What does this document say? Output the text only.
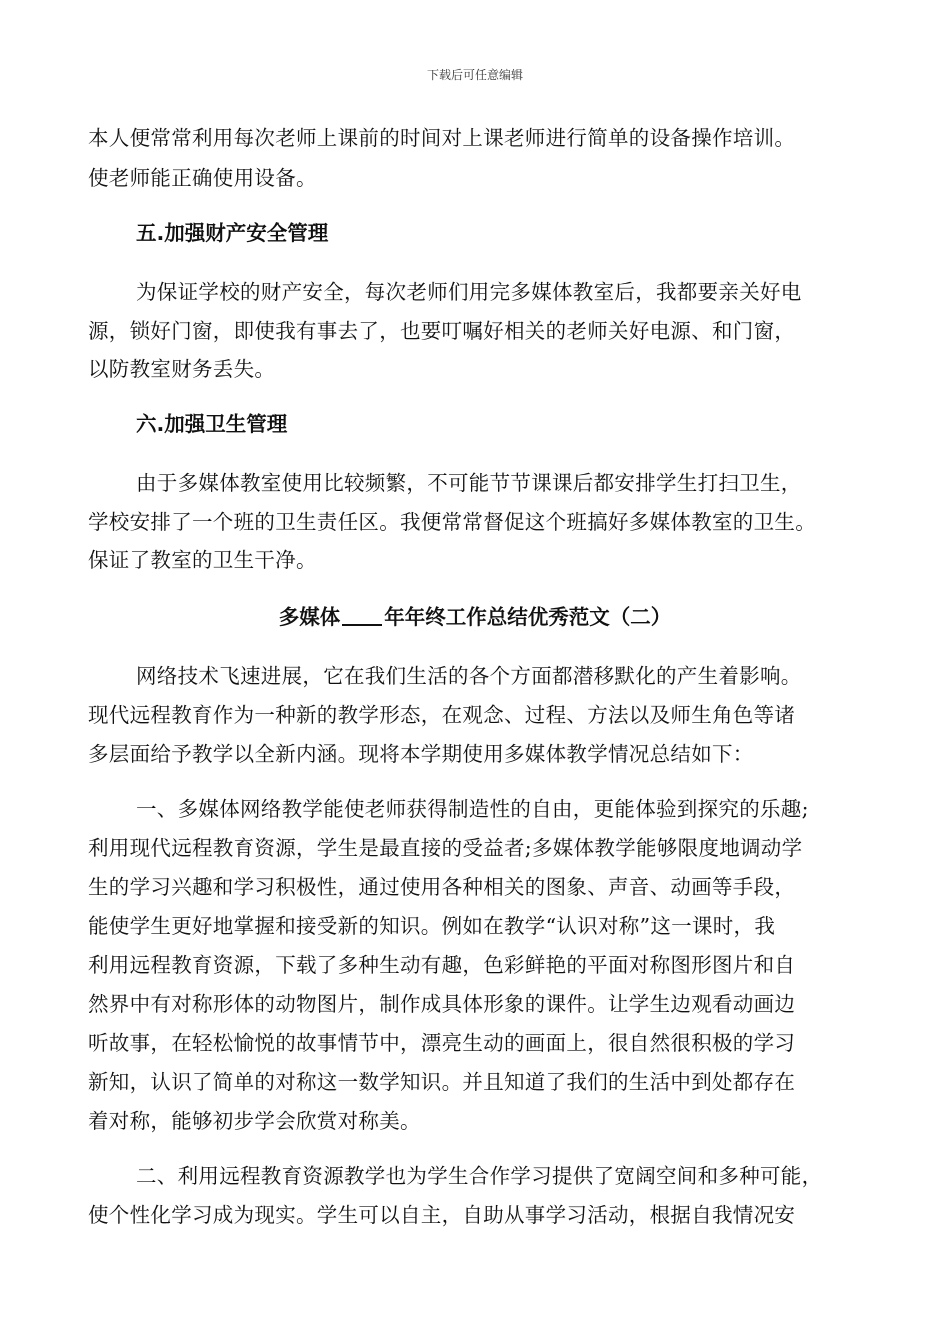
下载后可任意编辑
本人便常常利用每次老师上课前的时间对上课老师进行简单的设备操作培训。
使老师能正确使用设备。
五.加强财产安全管理
为保证学校的财产安全，每次老师们用完多媒体教室后，我都要亲关好电
源，锁好门窗，即使我有事去了，也要叮嘱好相关的老师关好电源、和门窗，
以防教室财务丢失。
六.加强卫生管理
由于多媒体教室使用比较频繁，不可能节节课课后都安排学生打扫卫生，
学校安排了一个班的卫生责任区。我便常常督促这个班搞好多媒体教室的卫生。
保证了教室的卫生干净。
多媒体 年年终工作总结优秀范文（二）
网络技术飞速进展，它在我们生活的各个方面都潜移默化的产生着影响。
现代远程教育作为一种新的教学形态，在观念、过程、方法以及师生角色等诸
多层面给予教学以全新内涵。现将本学期使用多媒体教学情况总结如下：
一、多媒体网络教学能使老师获得制造性的自由，更能体验到探究的乐趣;
利用现代远程教育资源，学生是最直接的受益者;多媒体教学能够限度地调动学
生的学习兴趣和学习积极性，通过使用各种相关的图象、声音、动画等手段，
能使学生更好地掌握和接受新的知识。例如在教学“认识对称”这一课时，我
利用远程教育资源，下载了多种生动有趣，色彩鲜艳的平面对称图形图片和自
然界中有对称形体的动物图片，制作成具体形象的课件。让学生边观看动画边
听故事，在轻松愉悦的故事情节中，漂亮生动的画面上，很自然很积极的学习
新知，认识了简单的对称这一数学知识。并且知道了我们的生活中到处都存在
着对称，能够初步学会欣赏对称美。
二、利用远程教育资源教学也为学生合作学习提供了宽阔空间和多种可能，
使个性化学习成为现实。学生可以自主，自助从事学习活动，根据自我情况安
